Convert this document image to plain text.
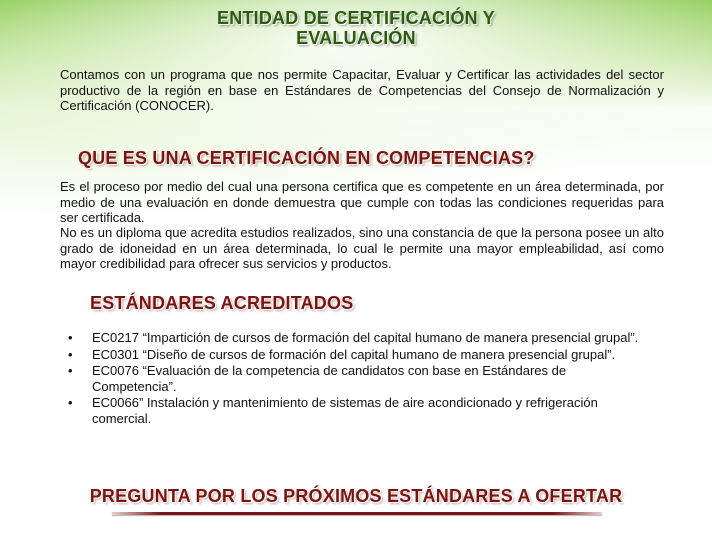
ENTIDAD DE CERTIFICACIÓN Y
EVALUACIÓN

Contamos con un programa que nos permite Capacitar, Evaluar y Certificar las actividades del sector productivo de la región en base en Estándares de Competencias del Consejo de Normalización y Certificación (CONOCER).

QUE ES UNA CERTIFICACIÓN EN COMPETENCIAS?

Es el proceso por medio del cual una persona certifica que es competente en un área determinada, por medio de una evaluación en donde demuestra que cumple con todas las condiciones requeridas para ser certificada.

No es un diploma que acredita estudios realizados, sino una constancia de que la persona posee un alto grado de idoneidad en un área determinada, lo cual le permite una mayor empleabilidad, así como mayor credibilidad para ofrecer sus servicios y productos.

ESTÁNDARES ACREDITADOS
• EC0217 “Impartición de cursos de formación del capital humano de manera presencial grupal”.
• EC0301 “Diseño de cursos de formación del capital humano de manera presencial grupal”.
• EC0076 “Evaluación de la competencia de candidatos con base en Estándares de Competencia”.
• EC0066” Instalación y mantenimiento de sistemas de aire acondicionado y refrigeración comercial.
PREGUNTA POR LOS PRÓXIMOS ESTÁNDARES A OFERTAR
